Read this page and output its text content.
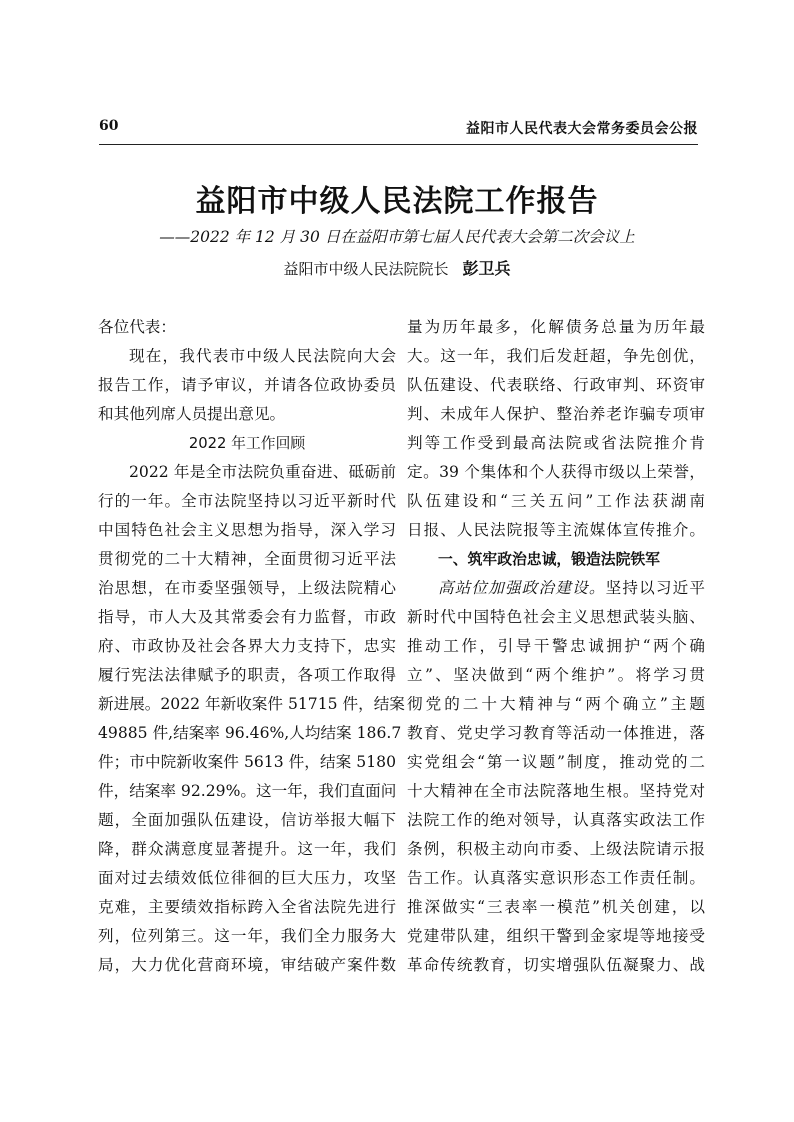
60	益阳市人民代表大会常务委员会公报
益阳市中级人民法院工作报告
——2022 年 12 月 30 日在益阳市第七届人民代表大会第二次会议上
益阳市中级人民法院院长 彭卫兵
各位代表：
现在，我代表市中级人民法院向大会
报告工作，请予审议，并请各位政协委员
和其他列席人员提出意见。
2022 年工作回顾
2022 年是全市法院负重奋进、砥砺前
行的一年。全市法院坚持以习近平新时代
中国特色社会主义思想为指导，深入学习
贯彻党的二十大精神，全面贯彻习近平法
治思想，在市委坚强领导，上级法院精心
指导，市人大及其常委会有力监督，市政
府、市政协及社会各界大力支持下，忠实
履行宪法法律赋予的职责，各项工作取得
新进展。2022 年新收案件 51715 件，结案
49885 件,结案率 96.46%,人均结案 186.7
件；市中院新收案件 5613 件，结案 5180
件，结案率 92.29%。这一年，我们直面问
题，全面加强队伍建设，信访举报大幅下
降，群众满意度显著提升。这一年，我们
面对过去绩效低位徘徊的巨大压力，攻坚
克难，主要绩效指标跨入全省法院先进行
列，位列第三。这一年，我们全力服务大
局，大力优化营商环境，审结破产案件数
量为历年最多，化解债务总量为历年最
大。这一年，我们后发赶超，争先创优，
队伍建设、代表联络、行政审判、环资审
判、未成年人保护、整治养老诈骗专项审
判等工作受到最高法院或省法院推介肯
定。39 个集体和个人获得市级以上荣誉，
队伍建设和“三关五问”工作法获湖南
日报、人民法院报等主流媒体宣传推介。
一、筑牢政治忠诚，锻造法院铁军
高站位加强政治建设。坚持以习近平
新时代中国特色社会主义思想武装头脑、
推动工作，引导干警忠诚拥护“两个确
立”、坚决做到“两个维护”。将学习贯
彻党的二十大精神与“两个确立”主题
教育、党史学习教育等活动一体推进，落
实党组会“第一议题”制度，推动党的二
十大精神在全市法院落地生根。坚持党对
法院工作的绝对领导，认真落实政法工作
条例，积极主动向市委、上级法院请示报
告工作。认真落实意识形态工作责任制。
推深做实“三表率一模范”机关创建，以
党建带队建，组织干警到金家堤等地接受
革命传统教育，切实增强队伍凝聚力、战
